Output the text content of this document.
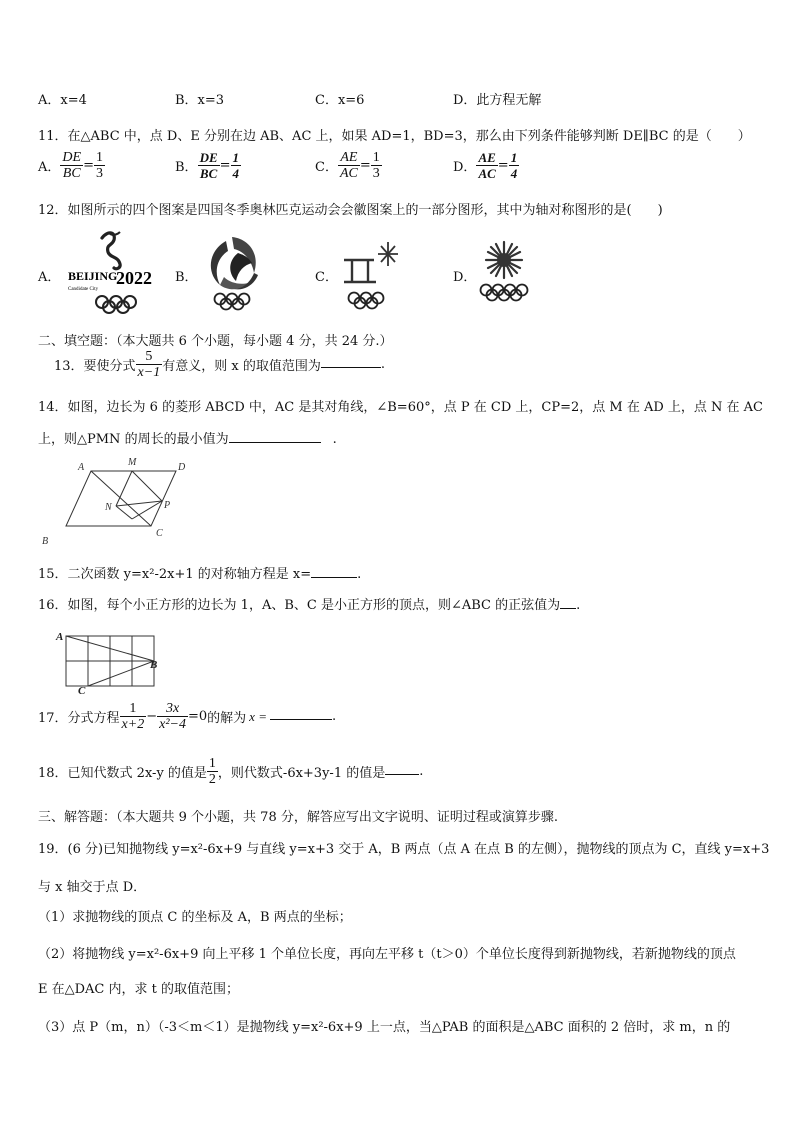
A．x=4	B．x=3	C．x=6	D．此方程无解
11．在△ABC 中，点 D、E 分别在边 AB、AC 上，如果 AD=1，BD=3，那么由下列条件能够判断 DE∥BC 的是（　　）
A． $\frac{DE}{BC} = \frac{1}{3}$	B． $\frac{DE}{BC} = \frac{1}{4}$	C． $\frac{AE}{AC} = \frac{1}{3}$	D． $\frac{AE}{AC} = \frac{1}{4}$
12．如图所示的四个图案是四国冬季奥林匹克运动会会徽图案上的一部分图形，其中为轴对称图形的是(　　)
A．	B．	C．	D．
BEIJING
2022
Candidate City
二、填空题：（本大题共 6 个小题，每小题 4 分，共 24 分.）
13．要使分式 $\frac{5}{x-1}$ 有意义，则 x 的取值范围为	.
14．如图，边长为 6 的菱形 ABCD 中，AC 是其对角线，∠B=60°，点 P 在 CD 上，CP=2，点 M 在 AD 上，点 N 在 AC
上，则△PMN 的周长的最小值为	.
A	M	D
P
N
B
C
15．二次函数 y=x²-2x+1 的对称轴方程是 x=	.
16．如图，每个小正方形的边长为 1，A、B、C 是小正方形的顶点，则∠ABC 的正弦值为 .
A
B
C
17．分式方程 $\frac{1}{x+2} - \frac{3x}{\text{x²−4}} =0$的解为 x =	.
18．已知代数式 2x-y 的值是 $\frac{1}{2}$ ，则代数式-6x+3y-1 的值是	.
三、解答题：（本大题共 9 个小题，共 78 分，解答应写出文字说明、证明过程或演算步骤.
19．(6 分)已知抛物线 y=x²-6x+9 与直线 y=x+3 交于 A，B 两点（点 A 在点 B 的左侧），抛物线的顶点为 C，直线 y=x+3
与 x 轴交于点 D．
（1）求抛物线的顶点 C 的坐标及 A，B 两点的坐标；
（2）将抛物线 y=x²-6x+9 向上平移 1 个单位长度，再向左平移 t（t＞0）个单位长度得到新抛物线，若新抛物线的顶点
E 在△DAC 内，求 t 的取值范围；
（3）点 P（m，n）（-3＜m＜1）是抛物线 y=x²-6x+9 上一点，当△PAB 的面积是△ABC 面积的 2 倍时，求 m，n 的
